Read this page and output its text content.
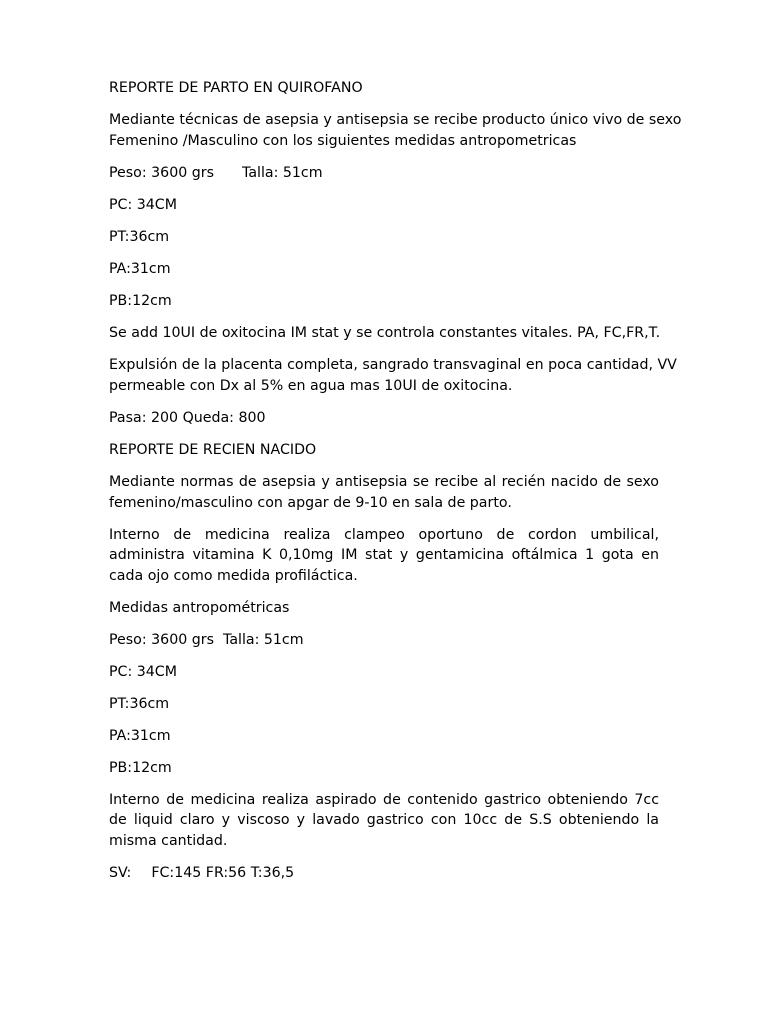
REPORTE DE PARTO EN QUIROFANO

Mediante técnicas de asepsia y antisepsia se recibe producto único vivo de sexo

Femenino /Masculino con los siguientes medidas antropometricas

Peso: 3600 grs Talla: 51cm

PC: 34CM

PT:36cm

PA:31cm

PB:12cm

Se add 10UI de oxitocina IM stat y se controla constantes vitales. PA, FC,FR,T.

Expulsión de la placenta completa, sangrado transvaginal en poca cantidad, VV

permeable con Dx al 5% en agua mas 10UI de oxitocina.

Pasa: 200 Queda: 800

REPORTE DE RECIEN NACIDO

Mediante normas de asepsia y antisepsia se recibe al recién nacido de sexo femenino/masculino con apgar de 9-10 en sala de parto.

Interno de medicina realiza clampeo oportuno de cordon umbilical, administra vitamina K 0,10mg IM stat y gentamicina oftálmica 1 gota en cada ojo como medida profiláctica.

Medidas antropométricas

Peso: 3600 grs  Talla: 51cm

PC: 34CM

PT:36cm

PA:31cm

PB:12cm

Interno de medicina realiza aspirado de contenido gastrico obteniendo 7cc de liquid claro y viscoso y lavado gastrico con 10cc de S.S obteniendo la misma cantidad.

SV: FC:145 FR:56 T:36,5
